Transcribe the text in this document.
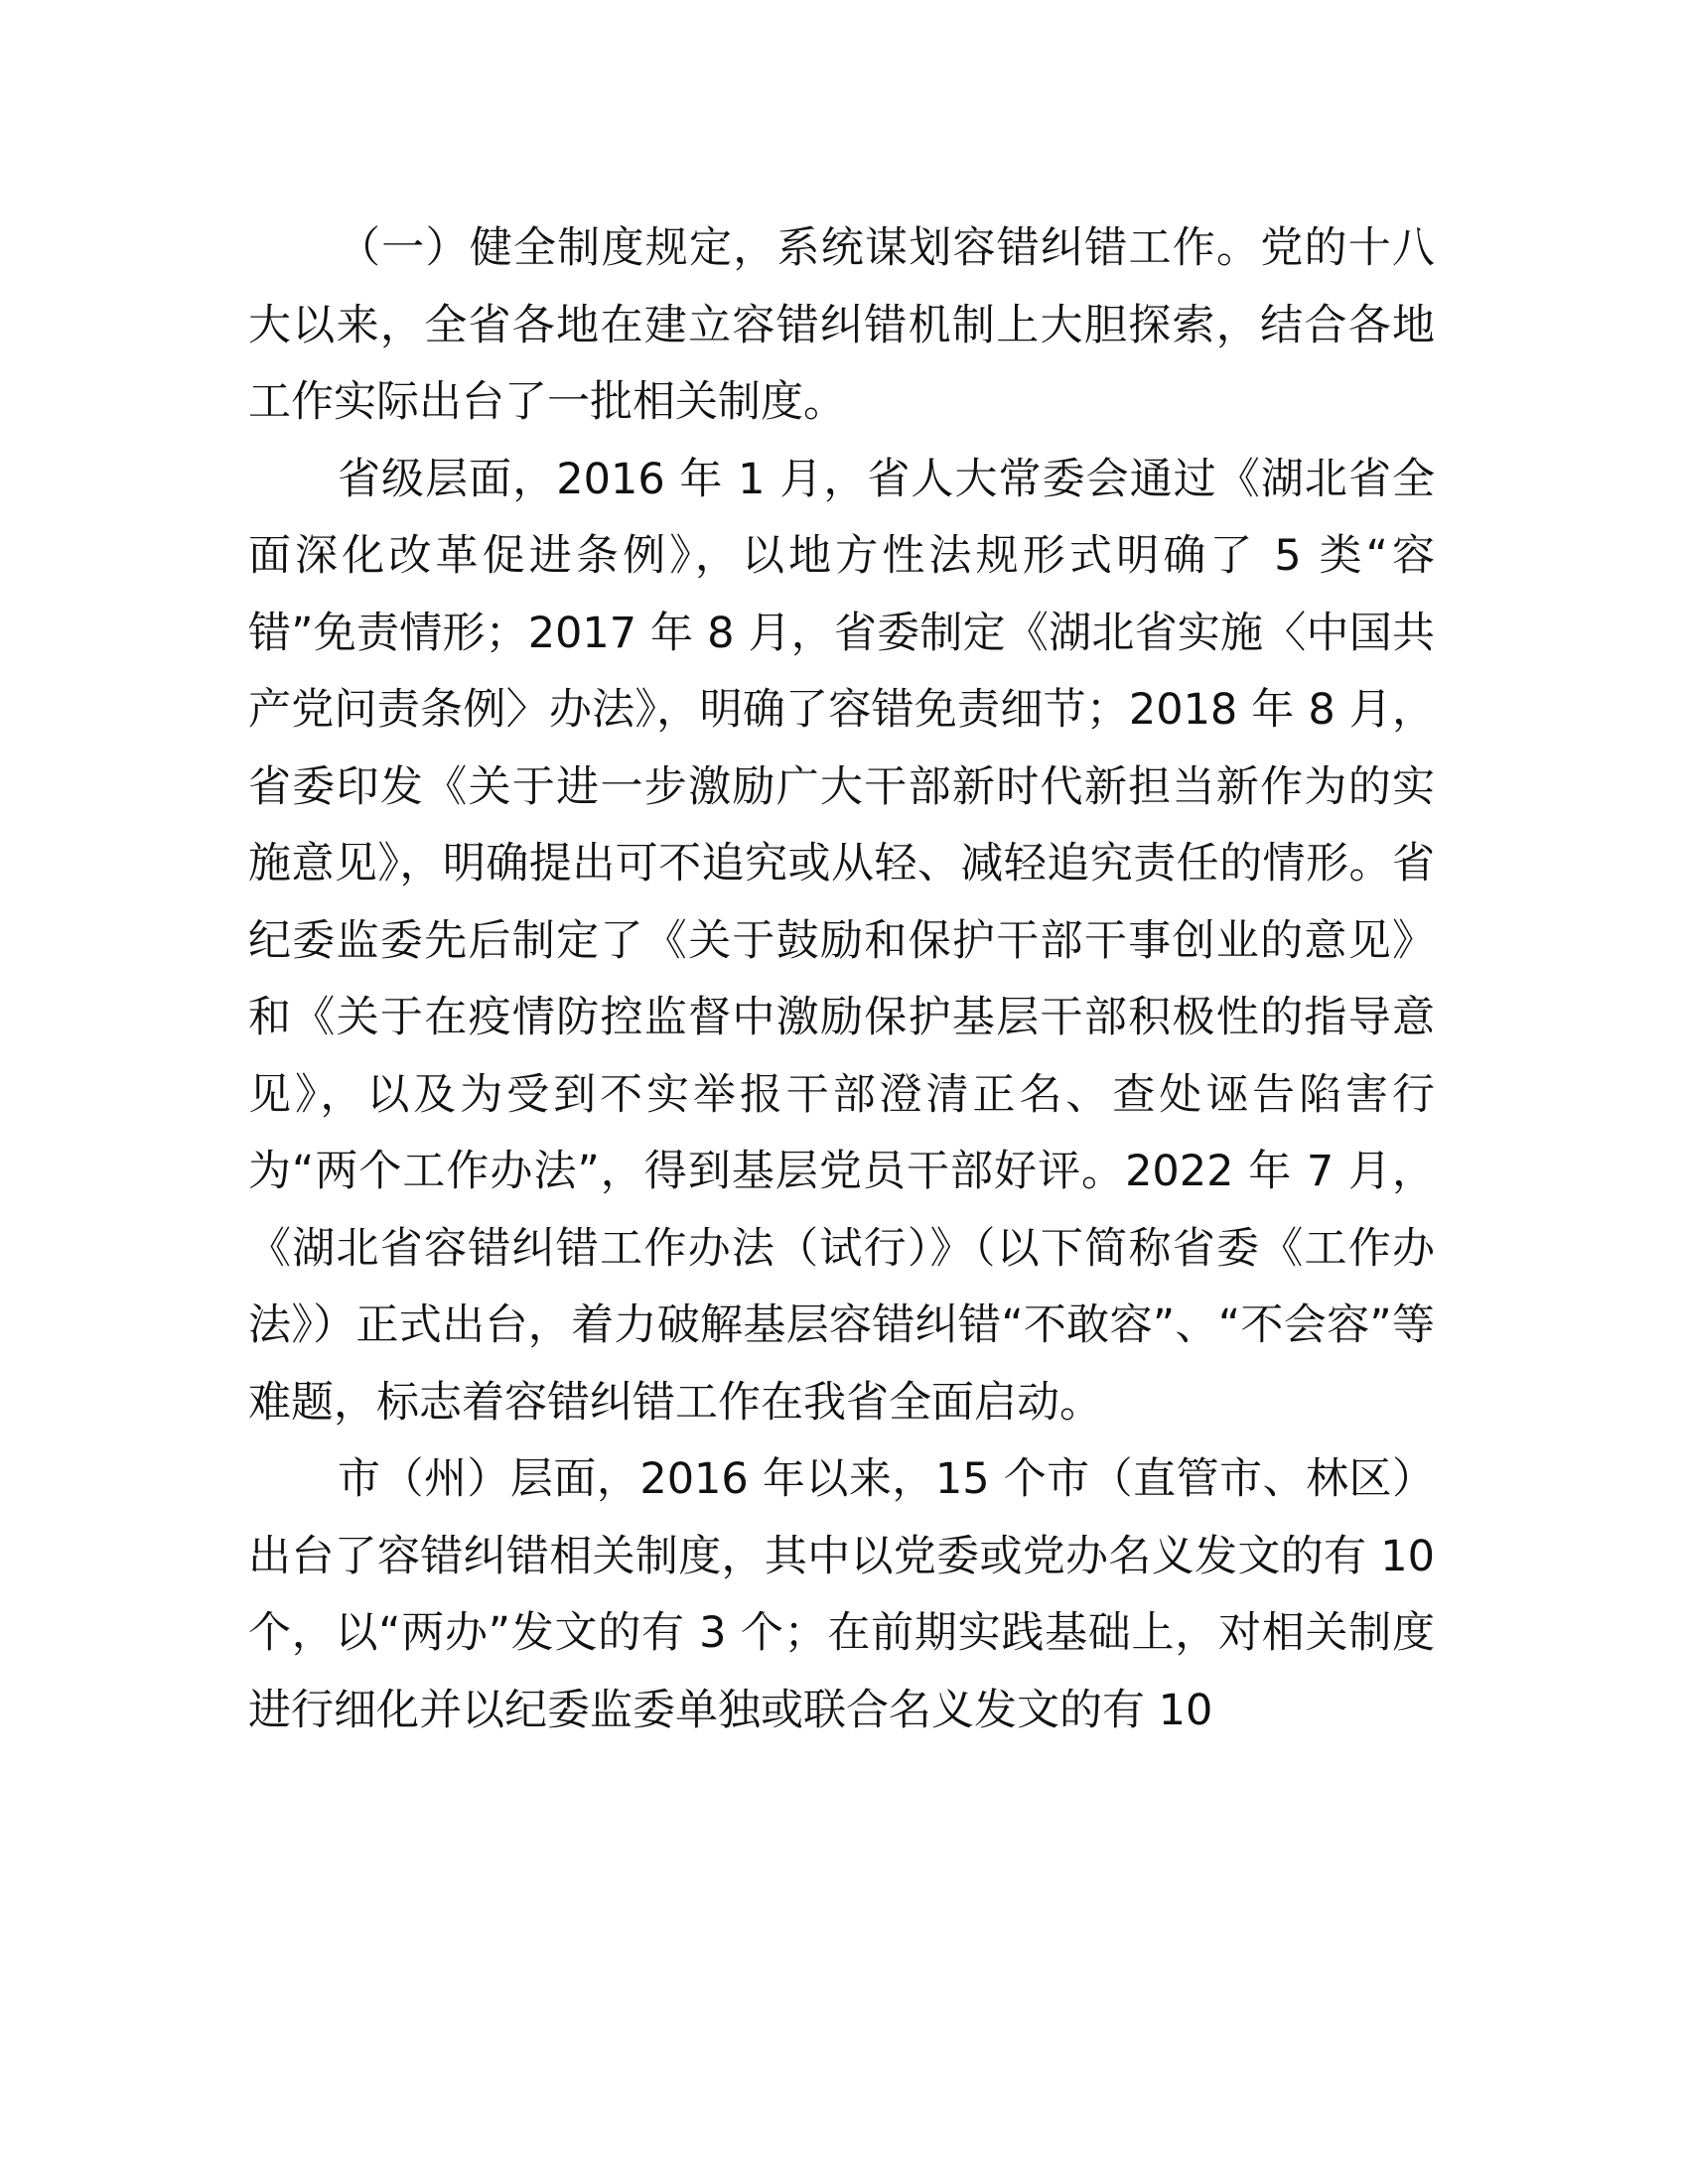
（一）健全制度规定，系统谋划容错纠错工作。党的十八大以来，全省各地在建立容错纠错机制上大胆探索，结合各地工作实际出台了一批相关制度。

省级层面，2016 年 1 月，省人大常委会通过《湖北省全面深化改革促进条例》，以地方性法规形式明确了 5 类“容错”免责情形；2017 年 8 月，省委制定《湖北省实施〈中国共产党问责条例〉办法》，明确了容错免责细节；2018 年 8 月，省委印发《关于进一步激励广大干部新时代新担当新作为的实施意见》，明确提出可不追究或从轻、减轻追究责任的情形。省纪委监委先后制定了《关于鼓励和保护干部干事创业的意见》和《关于在疫情防控监督中激励保护基层干部积极性的指导意见》，以及为受到不实举报干部澄清正名、查处诬告陷害行为“两个工作办法”，得到基层党员干部好评。2022 年 7 月，《湖北省容错纠错工作办法（试行）》（以下简称省委《工作办法》）正式出台，着力破解基层容错纠错“不敢容”、“不会容”等难题，标志着容错纠错工作在我省全面启动。

市（州）层面，2016 年以来，15 个市（直管市、林区）出台了容错纠错相关制度，其中以党委或党办名义发文的有 10 个，以“两办”发文的有 3 个；在前期实践基础上，对相关制度进行细化并以纪委监委单独或联合名义发文的有 10
